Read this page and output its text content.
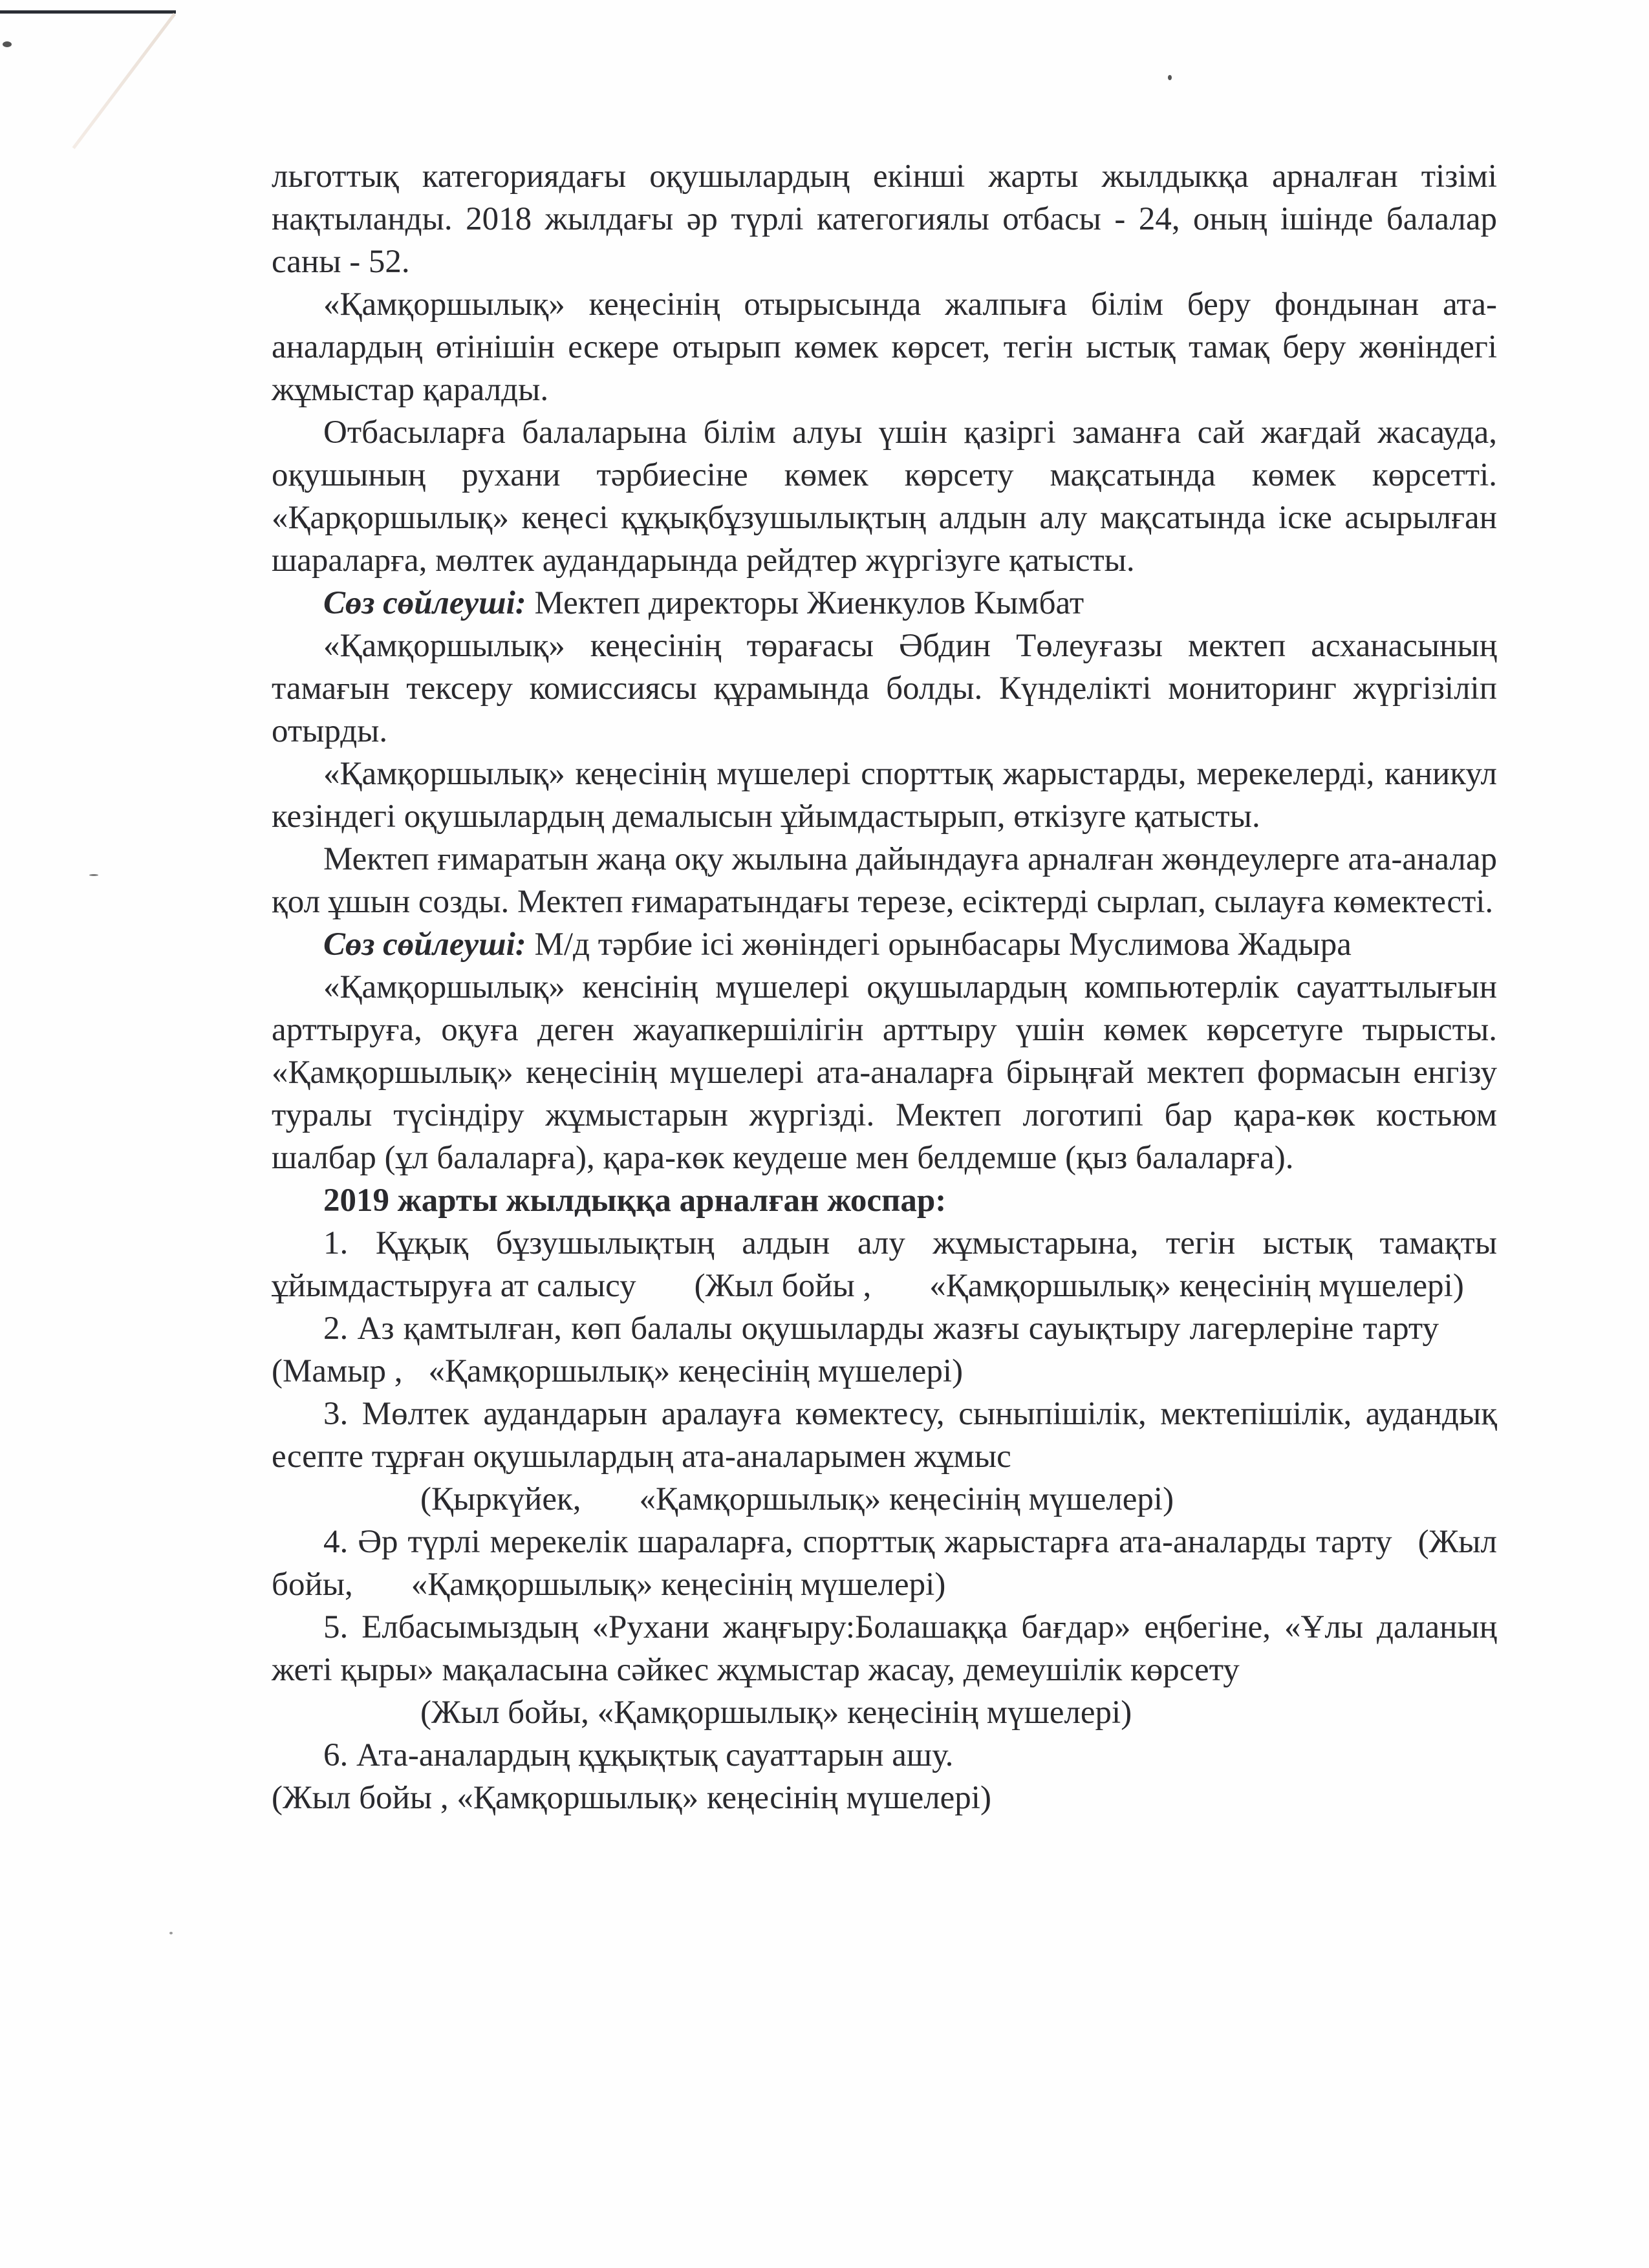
льготтық категориядағы оқушылардың екінші жарты жылдыкқа арналған тізімі нақтыланды. 2018 жылдағы әр түрлі категогиялы отбасы - 24, оның ішінде балалар саны - 52.

«Қамқоршылық» кеңесінің отырысында жалпыға білім беру фондынан ата-аналардың өтінішін ескере отырып көмек көрсет, тегін ыстық тамақ беру жөніндегі жұмыстар қаралды.

Отбасыларға балаларына білім алуы үшін қазіргі заманға сай жағдай жасауда, оқушының рухани тәрбиесіне көмек көрсету мақсатында көмек көрсетті. «Қарқоршылық» кеңесі құқықбұзушылықтың алдын алу мақсатында іске асырылған шараларға, мөлтек аудандарында рейдтер жүргізуге қатысты.

Сөз сөйлеуші: Мектеп директоры Жиенкулов Кымбат

«Қамқоршылық» кеңесінің төрағасы Әбдин Төлеуғазы мектеп асханасының тамағын тексеру комиссиясы құрамында болды. Күнделікті мониторинг жүргізіліп отырды.

«Қамқоршылық» кеңесінің мүшелері спорттық жарыстарды, мерекелерді, каникул кезіндегі оқушылардың демалысын ұйымдастырып, өткізуге қатысты.

Мектеп ғимаратын жаңа оқу жылына дайындауға арналған жөндеулерге ата-аналар қол ұшын созды. Мектеп ғимаратындағы терезе, есіктерді сырлап, сылауға көмектесті.

Сөз сөйлеуші: М/д тәрбие ісі жөніндегі орынбасары Муслимова Жадыра

«Қамқоршылық» кенсінің мүшелері оқушылардың компьютерлік сауаттылығын арттыруға, оқуға деген жауапкершілігін арттыру үшін көмек көрсетуге тырысты. «Қамқоршылық» кеңесінің мүшелері ата-аналарға бірыңғай мектеп формасын енгізу туралы түсіндіру жұмыстарын жүргізді. Мектеп логотипі бар қара-көк костьюм шалбар (ұл балаларға), қара-көк кеудеше мен белдемше (қыз балаларға).

2019 жарты жылдыққа арналған жоспар:

1. Құқық бұзушылықтың алдын алу жұмыстарына, тегін ыстық тамақты ұйымдастыруға ат салысу (Жыл бойы , «Қамқоршылық» кеңесінің мүшелері)

2. Аз қамтылған, көп балалы оқушыларды жазғы сауықтыру лагерлеріне тарту(Мамыр , «Қамқоршылық» кеңесінің мүшелері)

3. Мөлтек аудандарын аралауға көмектесу, сыныпішілік, мектепішілік, аудандық есепте тұрған оқушылардың ата-аналарымен жұмыс
(Қыркүйек, «Қамқоршылық» кеңесінің мүшелері)

4. Әр түрлі мерекелік шараларға, спорттық жарыстарға ата-аналарды тарту (Жыл бойы, «Қамқоршылық» кеңесінің мүшелері)

5. Елбасымыздың «Рухани жаңғыру:Болашаққа бағдар» еңбегіне, «Ұлы даланың жеті қыры» мақаласына сәйкес жұмыстар жасау, демеушілік көрсету
(Жыл бойы, «Қамқоршылық» кеңесінің мүшелері)

6. Ата-аналардың құқықтық сауаттарын ашу.
(Жыл бойы , «Қамқоршылық» кеңесінің мүшелері)
